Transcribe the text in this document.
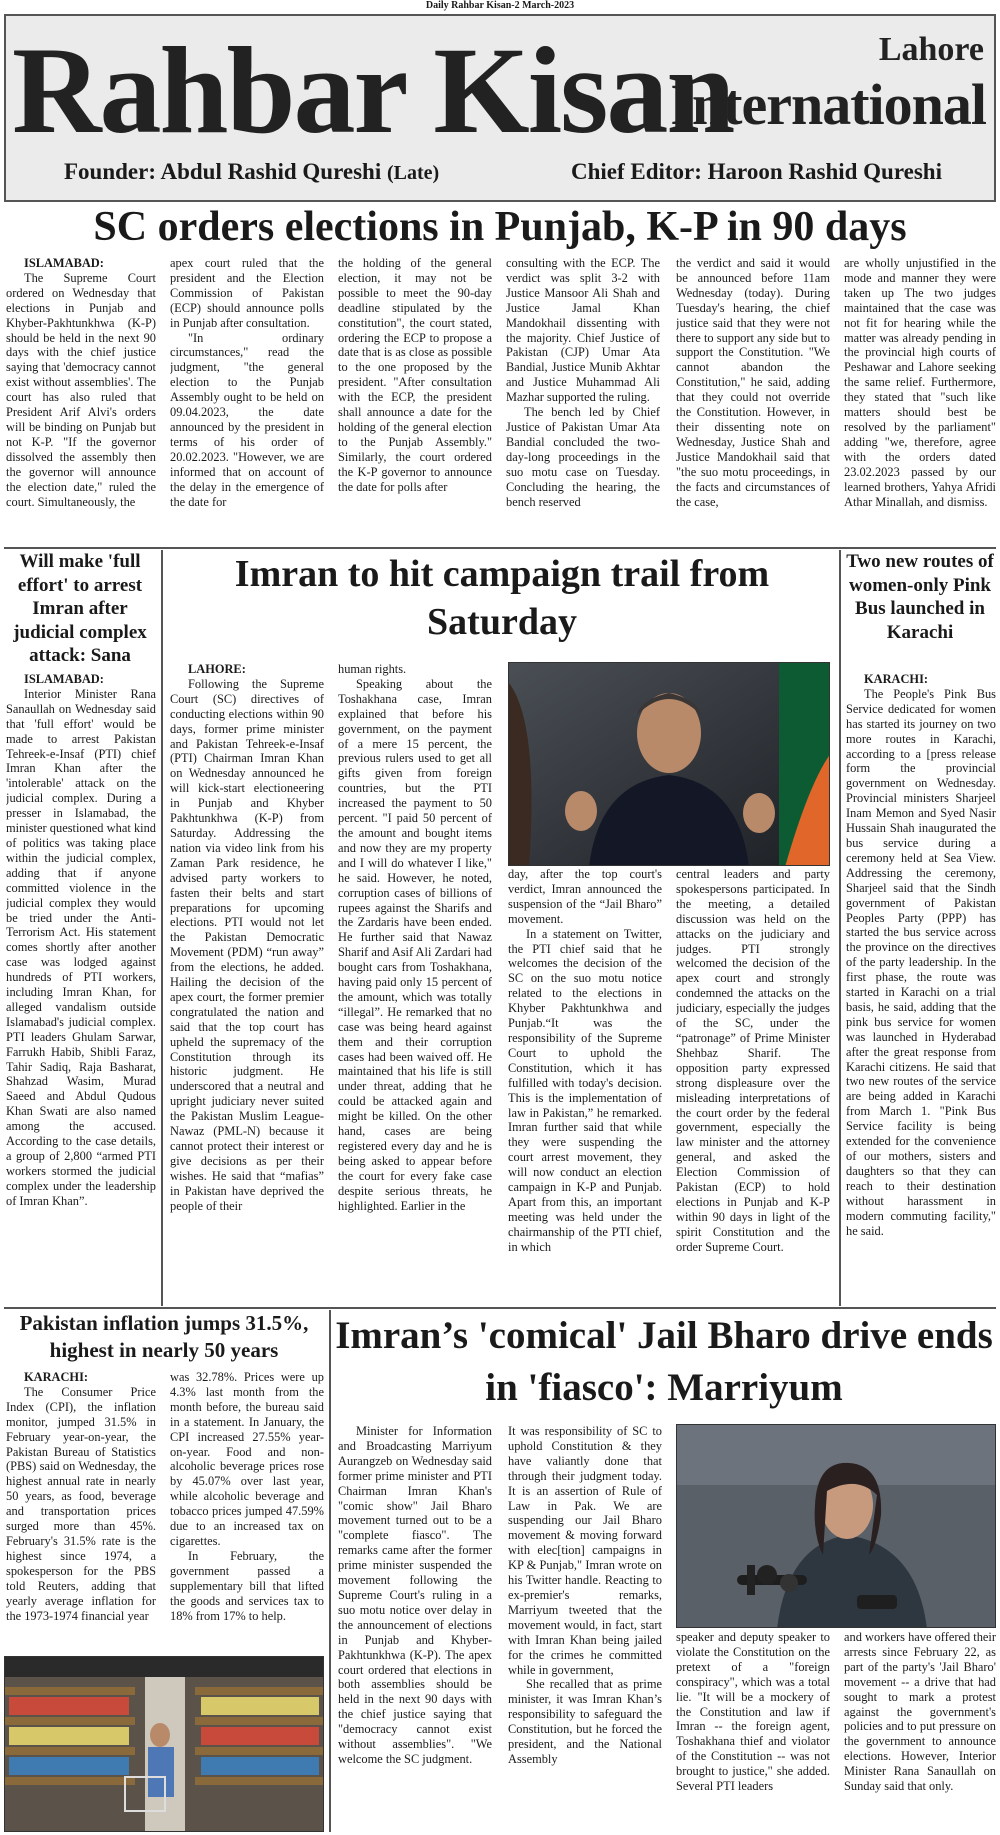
Daily Rahbar Kisan-2 March-2023
Rahbar Kisan	Lahore
International
Founder: Abdul Rashid Qureshi (Late)	Chief Editor: Haroon Rashid Qureshi
SC orders elections in Punjab, K-P in 90 days
ISLAMABAD:

The Supreme Court ordered on Wednesday that elections in Punjab and Khyber-Pakhtunkhwa (K-P) should be held in the next 90 days with the chief justice saying that 'democracy cannot exist without assemblies'. The court has also ruled that President Arif Alvi's orders will be binding on Punjab but not K-P. "If the governor dissolved the assembly then the governor will announce the election date," ruled the court. Simultaneously, the

apex court ruled that the president and the Election Commission of Pakistan (ECP) should announce polls in Punjab after consultation.

"In ordinary circumstances," read the judgment, "the general election to the Punjab Assembly ought to be held on 09.04.2023, the date announced by the president in terms of his order of 20.02.2023. "However, we are informed that on account of the delay in the emergence of the date for

the holding of the general election, it may not be possible to meet the 90-day deadline stipulated by the constitution", the court stated, ordering the ECP to propose a date that is as close as possible to the one proposed by the president. "After consultation with the ECP, the president shall announce a date for the holding of the general election to the Punjab Assembly." Similarly, the court ordered the K-P governor to announce the date for polls after

consulting with the ECP. The verdict was split 3-2 with Justice Mansoor Ali Shah and Justice Jamal Khan Mandokhail dissenting with the majority. Chief Justice of Pakistan (CJP) Umar Ata Bandial, Justice Munib Akhtar and Justice Muhammad Ali Mazhar supported the ruling.

The bench led by Chief Justice of Pakistan Umar Ata Bandial concluded the two-day-long proceedings in the suo motu case on Tuesday. Concluding the hearing, the bench reserved

the verdict and said it would be announced before 11am Wednesday (today). During Tuesday's hearing, the chief justice said that they were not there to support any side but to support the Constitution. "We cannot abandon the Constitution," he said, adding that they could not override the Constitution. However, in their dissenting note on Wednesday, Justice Shah and Justice Mandokhail said that "the suo motu proceedings, in the facts and circumstances of the case,

are wholly unjustified in the mode and manner they were taken up The two judges maintained that the case was not fit for hearing while the matter was already pending in the provincial high courts of Peshawar and Lahore seeking the same relief. Furthermore, they stated that "such like matters should best be resolved by the parliament" adding "we, therefore, agree with the orders dated 23.02.2023 passed by our learned brothers, Yahya Afridi Athar Minallah, and dismiss.

Will make 'full effort' to arrest Imran after judicial complex attack: Sana
ISLAMABAD:

Interior Minister Rana Sanaullah on Wednesday said that 'full effort' would be made to arrest Pakistan Tehreek-e-Insaf (PTI) chief Imran Khan after the 'intolerable' attack on the judicial complex. During a presser in Islamabad, the minister questioned what kind of politics was taking place within the judicial complex, adding that if anyone committed violence in the judicial complex they would be tried under the Anti-Terrorism Act. His statement comes shortly after another case was lodged against hundreds of PTI workers, including Imran Khan, for alleged vandalism outside Islamabad's judicial complex. PTI leaders Ghulam Sarwar, Farrukh Habib, Shibli Faraz, Tahir Sadiq, Raja Basharat, Shahzad Wasim, Murad Saeed and Abdul Qudous Khan Swati are also named among the accused. According to the case details, a group of 2,800 “armed PTI workers stormed the judicial complex under the leadership of Imran Khan”.

Imran to hit campaign trail from Saturday
LAHORE:

Following the Supreme Court (SC) directives of conducting elections within 90 days, former prime minister and Pakistan Tehreek-e-Insaf (PTI) Chairman Imran Khan on Wednesday announced he will kick-start electioneering in Punjab and Khyber Pakhtunkhwa (K-P) from Saturday. Addressing the nation via video link from his Zaman Park residence, he advised party workers to fasten their belts and start preparations for upcoming elections. PTI would not let the Pakistan Democratic Movement (PDM) “run away” from the elections, he added. Hailing the decision of the apex court, the former premier congratulated the nation and said that the top court has upheld the supremacy of the Constitution through its historic judgment. He underscored that a neutral and upright judiciary never suited the Pakistan Muslim League-Nawaz (PML-N) because it cannot protect their interest or give decisions as per their wishes. He said that “mafias” in Pakistan have deprived the people of their

human rights.

Speaking about the Toshakhana case, Imran explained that before his government, on the payment of a mere 15 percent, the previous rulers used to get all gifts given from foreign countries, but the PTI increased the payment to 50 percent. "I paid 50 percent of the amount and bought items and now they are my property and I will do whatever I like," he said. However, he noted, corruption cases of billions of rupees against the Sharifs and the Zardaris have been ended. He further said that Nawaz Sharif and Asif Ali Zardari had bought cars from Toshakhana, having paid only 15 percent of the amount, which was totally “illegal”. He remarked that no case was being heard against them and their corruption cases had been waived off. He maintained that his life is still under threat, adding that he could be attacked again and might be killed. On the other hand, cases are being registered every day and he is being asked to appear before the court for every fake case despite serious threats, he highlighted. Earlier in the

day, after the top court's verdict, Imran announced the suspension of the “Jail Bharo” movement.

In a statement on Twitter, the PTI chief said that he welcomes the decision of the SC on the suo motu notice related to the elections in Khyber Pakhtunkhwa and Punjab.“It was the responsibility of the Supreme Court to uphold the Constitution, which it has fulfilled with today's decision. This is the implementation of law in Pakistan,” he remarked. Imran further said that while they were suspending the court arrest movement, they will now conduct an election campaign in K-P and Punjab. Apart from this, an important meeting was held under the chairmanship of the PTI chief, in which

central leaders and party spokespersons participated. In the meeting, a detailed discussion was held on the attacks on the judiciary and judges. PTI strongly welcomed the decision of the apex court and strongly condemned the attacks on the judiciary, especially the judges of the SC, under the “patronage” of Prime Minister Shehbaz Sharif. The opposition party expressed strong displeasure over the misleading interpretations of the court order by the federal government, especially the law minister and the attorney general, and asked the Election Commission of Pakistan (ECP) to hold elections in Punjab and K-P within 90 days in light of the spirit Constitution and the order Supreme Court.

Two new routes of women-only Pink Bus launched in Karachi
KARACHI:

The People's Pink Bus Service dedicated for women has started its journey on two more routes in Karachi, according to a [press release form the provincial government on Wednesday. Provincial ministers Sharjeel Inam Memon and Syed Nasir Hussain Shah inaugurated the bus service during a ceremony held at Sea View. Addressing the ceremony, Sharjeel said that the Sindh government of Pakistan Peoples Party (PPP) has started the bus service across the province on the directives of the party leadership. In the first phase, the route was started in Karachi on a trial basis, he said, adding that the pink bus service for women was launched in Hyderabad after the great response from Karachi citizens. He said that two new routes of the service are being added in Karachi from March 1. "Pink Bus Service facility is being extended for the convenience of our mothers, sisters and daughters so that they can reach to their destination without harassment in modern commuting facility," he said.

Pakistan inflation jumps 31.5%, highest in nearly 50 years
KARACHI:

The Consumer Price Index (CPI), the inflation monitor, jumped 31.5% in February year-on-year, the Pakistan Bureau of Statistics (PBS) said on Wednesday, the highest annual rate in nearly 50 years, as food, beverage and transportation prices surged more than 45%. February's 31.5% rate is the highest since 1974, a spokesperson for the PBS told Reuters, adding that yearly average inflation for the 1973-1974 financial year

was 32.78%. Prices were up 4.3% last month from the month before, the bureau said in a statement. In January, the CPI increased 27.55% year-on-year. Food and non-alcoholic beverage prices rose by 45.07% over last year, while alcoholic beverage and tobacco prices jumped 47.59% due to an increased tax on cigarettes.

In February, the government passed a supplementary bill that lifted the goods and services tax to 18% from 17% to help.

Imran’s 'comical' Jail Bharo drive ends in 'fiasco': Marriyum

Minister for Information and Broadcasting Marriyum Aurangzeb on Wednesday said former prime minister and PTI Chairman Imran Khan's "comic show" Jail Bharo movement turned out to be a "complete fiasco". The remarks came after the former prime minister suspended the movement following the Supreme Court's ruling in a suo motu notice over delay in the announcement of elections in Punjab and Khyber-Pakhtunkhwa (K-P). The apex court ordered that elections in both assemblies should be held in the next 90 days with the chief justice saying that "democracy cannot exist without assemblies". "We welcome the SC judgment.

It was responsibility of SC to uphold Constitution & they have valiantly done that through their judgment today. It is an assertion of Rule of Law in Pak. We are suspending our Jail Bharo movement & moving forward with elec[tion] campaigns in KP & Punjab," Imran wrote on his Twitter handle. Reacting to ex-premier's remarks, Marriyum tweeted that the movement would, in fact, start with Imran Khan being jailed for the crimes he committed while in government,

She recalled that as prime minister, it was Imran Khan’s responsibility to safeguard the Constitution, but he forced the president, and the National Assembly

speaker and deputy speaker to violate the Constitution on the pretext of a "foreign conspiracy", which was a total lie. "It will be a mockery of the Constitution and law if Imran -- the foreign agent, Toshakhana thief and violator of the Constitution -- was not brought to justice," she added. Several PTI leaders

and workers have offered their arrests since February 22, as part of the party's 'Jail Bharo' movement -- a drive that had sought to mark a protest against the government's policies and to put pressure on the government to announce elections. However, Interior Minister Rana Sanaullah on Sunday said that only.
